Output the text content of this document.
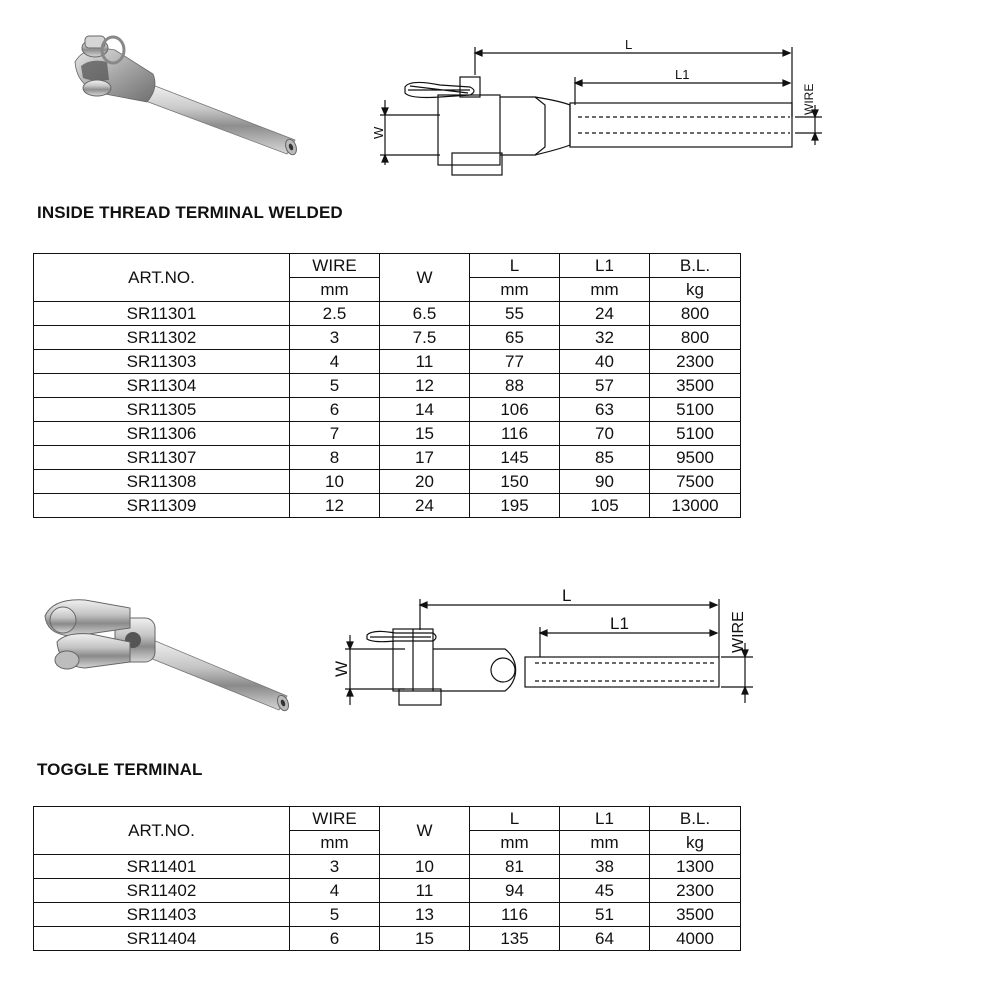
L
L1
W
WIRE
INSIDE THREAD TERMINAL WELDED
ART.NO.	WIRE	W	L	L1	B.L.
	mm		mm	mm	kg
SR11301	2.5	6.5	55	24	800
SR11302	3	7.5	65	32	800
SR11303	4	11	77	40	2300
SR11304	5	12	88	57	3500
SR11305	6	14	106	63	5100
SR11306	7	15	116	70	5100
SR11307	8	17	145	85	9500
SR11308	10	20	150	90	7500
SR11309	12	24	195	105	13000
L
L1
W
WIRE
TOGGLE TERMINAL
ART.NO.	WIRE	W	L	L1	B.L.
	mm		mm	mm	kg
SR11401	3	10	81	38	1300
SR11402	4	11	94	45	2300
SR11403	5	13	116	51	3500
SR11404	6	15	135	64	4000
